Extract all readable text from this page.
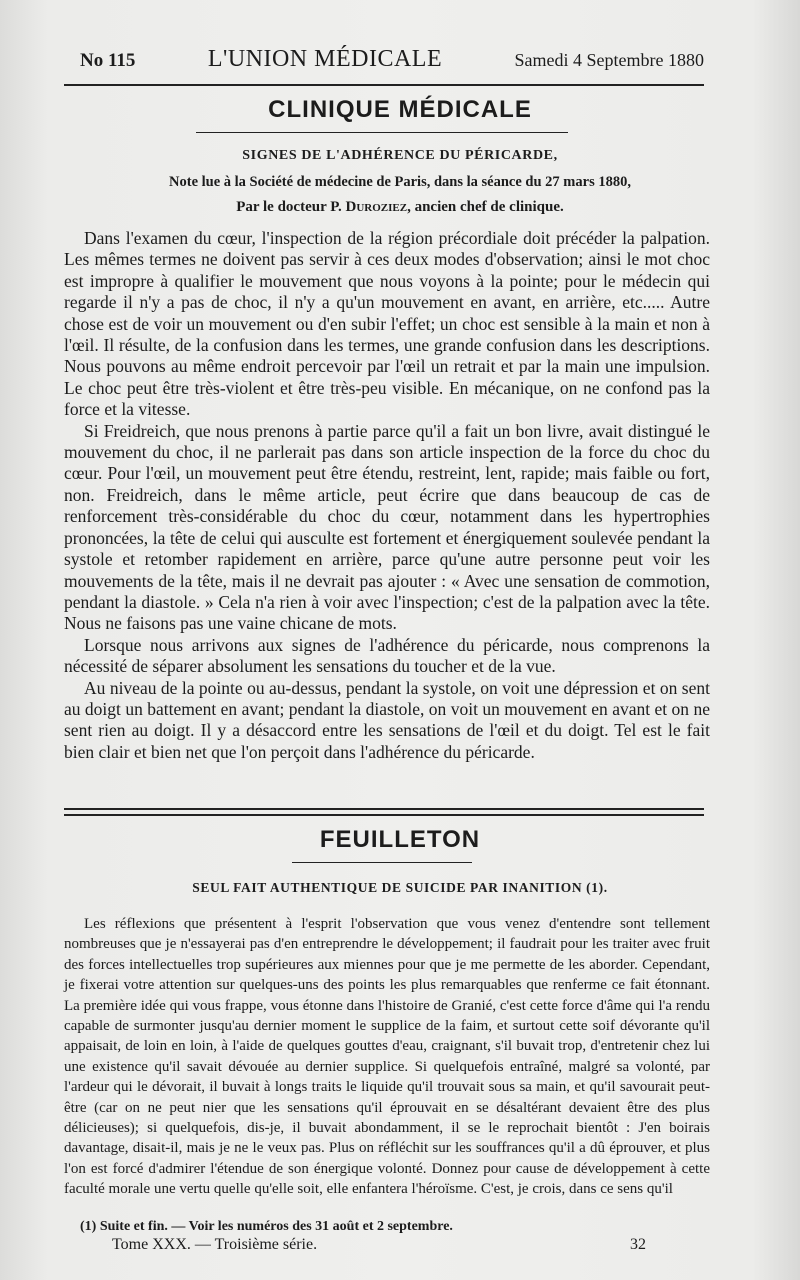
No 115	L'UNION MÉDICALE	Samedi 4 Septembre 1880
CLINIQUE MÉDICALE
SIGNES DE L'ADHÉRENCE DU PÉRICARDE,
Note lue à la Société de médecine de Paris, dans la séance du 27 mars 1880,
Par le docteur P. Duroziez, ancien chef de clinique.

Dans l'examen du cœur, l'inspection de la région précordiale doit précéder la palpation. Les mêmes termes ne doivent pas servir à ces deux modes d'observation; ainsi le mot choc est impropre à qualifier le mouvement que nous voyons à la pointe; pour le médecin qui regarde il n'y a pas de choc, il n'y a qu'un mouvement en avant, en arrière, etc..... Autre chose est de voir un mouvement ou d'en subir l'effet; un choc est sensible à la main et non à l'œil. Il résulte, de la confusion dans les termes, une grande confusion dans les descriptions. Nous pouvons au même endroit percevoir par l'œil un retrait et par la main une impulsion. Le choc peut être très-violent et être très-peu visible. En mécanique, on ne confond pas la force et la vitesse.

Si Freidreich, que nous prenons à partie parce qu'il a fait un bon livre, avait distingué le mouvement du choc, il ne parlerait pas dans son article inspection de la force du choc du cœur. Pour l'œil, un mouvement peut être étendu, restreint, lent, rapide; mais faible ou fort, non. Freidreich, dans le même article, peut écrire que dans beaucoup de cas de renforcement très-considérable du choc du cœur, notamment dans les hypertrophies prononcées, la tête de celui qui ausculte est fortement et énergiquement soulevée pendant la systole et retomber rapidement en arrière, parce qu'une autre personne peut voir les mouvements de la tête, mais il ne devrait pas ajouter : « Avec une sensation de commotion, pendant la diastole. » Cela n'a rien à voir avec l'inspection; c'est de la palpation avec la tête. Nous ne faisons pas une vaine chicane de mots.

Lorsque nous arrivons aux signes de l'adhérence du péricarde, nous comprenons la nécessité de séparer absolument les sensations du toucher et de la vue.

Au niveau de la pointe ou au-dessus, pendant la systole, on voit une dépression et on sent au doigt un battement en avant; pendant la diastole, on voit un mouvement en avant et on ne sent rien au doigt. Il y a désaccord entre les sensations de l'œil et du doigt. Tel est le fait bien clair et bien net que l'on perçoit dans l'adhérence du péricarde.

FEUILLETON
SEUL FAIT AUTHENTIQUE DE SUICIDE PAR INANITION (1).

Les réflexions que présentent à l'esprit l'observation que vous venez d'entendre sont tellement nombreuses que je n'essayerai pas d'en entreprendre le développement; il faudrait pour les traiter avec fruit des forces intellectuelles trop supérieures aux miennes pour que je me permette de les aborder. Cependant, je fixerai votre attention sur quelques-uns des points les plus remarquables que renferme ce fait étonnant. La première idée qui vous frappe, vous étonne dans l'histoire de Granié, c'est cette force d'âme qui l'a rendu capable de surmonter jusqu'au dernier moment le supplice de la faim, et surtout cette soif dévorante qu'il appaisait, de loin en loin, à l'aide de quelques gouttes d'eau, craignant, s'il buvait trop, d'entretenir chez lui une existence qu'il savait dévouée au dernier supplice. Si quelquefois entraîné, malgré sa volonté, par l'ardeur qui le dévorait, il buvait à longs traits le liquide qu'il trouvait sous sa main, et qu'il savourait peut-être (car on ne peut nier que les sensations qu'il éprouvait en se désaltérant devaient être des plus délicieuses); si quelquefois, dis-je, il buvait abondamment, il se le reprochait bientôt : J'en boirais davantage, disait-il, mais je ne le veux pas. Plus on réfléchit sur les souffrances qu'il a dû éprouver, et plus l'on est forcé d'admirer l'étendue de son énergique volonté. Donnez pour cause de développement à cette faculté morale une vertu quelle qu'elle soit, elle enfantera l'héroïsme. C'est, je crois, dans ce sens qu'il

(1) Suite et fin. — Voir les numéros des 31 août et 2 septembre.
Tome XXX. — Troisième série.	32
